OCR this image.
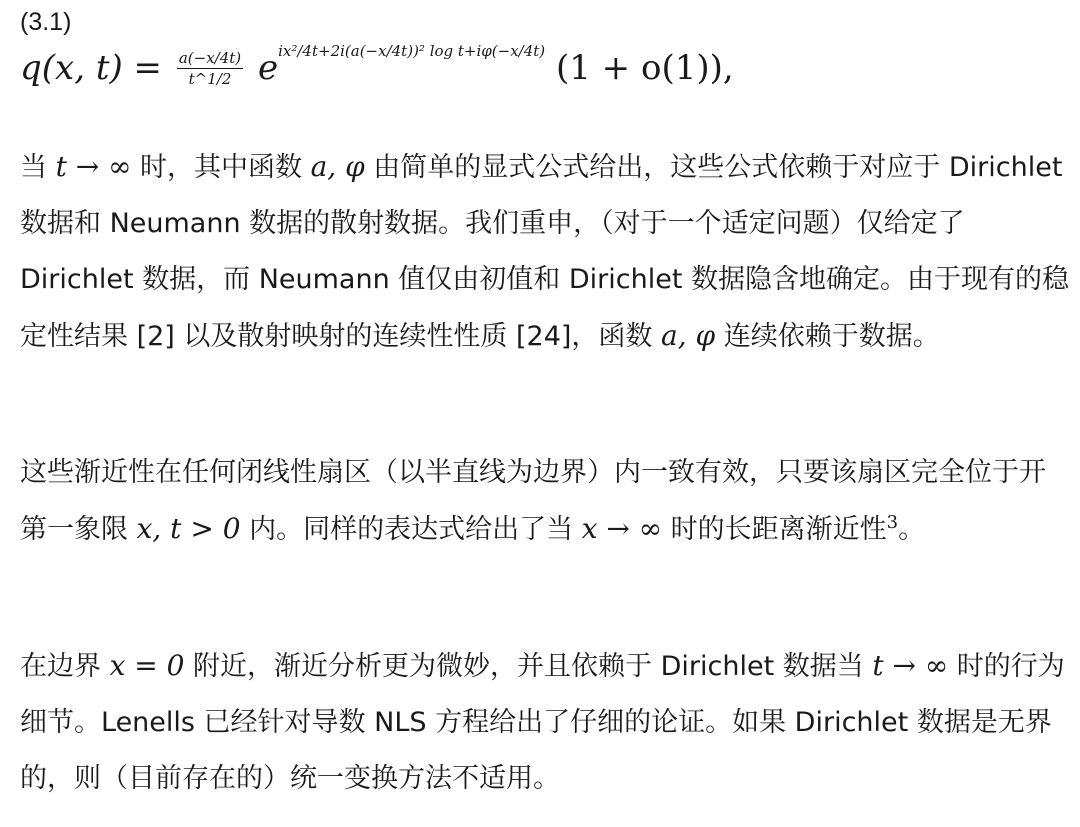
(3.1)
q(x, $t) = \frac{a(-x/4t)}{t\^{}1/2} eix^2/4t+2i(a(-x/4t))^2$ log t+iφ(−x/4t) (1 + o(1)),
当 t → ∞ 时，其中函数 a, φ 由简单的显式公式给出，这些公式依赖于对应于 Dirichlet 数据和 Neumann 数据的散射数据。我们重申，（对于一个适定问题）仅给定了 Dirichlet 数据，而 Neumann 值仅由初值和 Dirichlet 数据隐含地确定。由于现有的稳定性结果 [2] 以及散射映射的连续性性质 [24]，函数 a, φ 连续依赖于数据。
这些渐近性在任何闭线性扇区（以半直线为边界）内一致有效，只要该扇区完全位于开第一象限 x, t > 0 内。同样的表达式给出了当 x → ∞ 时的长距离渐近性$^3$。
在边界 x = 0 附近，渐近分析更为微妙，并且依赖于 Dirichlet 数据当 t → ∞ 时的行为细节。Lenells 已经针对导数 NLS 方程给出了仔细的论证。如果 Dirichlet 数据是无界的，则（目前存在的）统一变换方法不适用。
